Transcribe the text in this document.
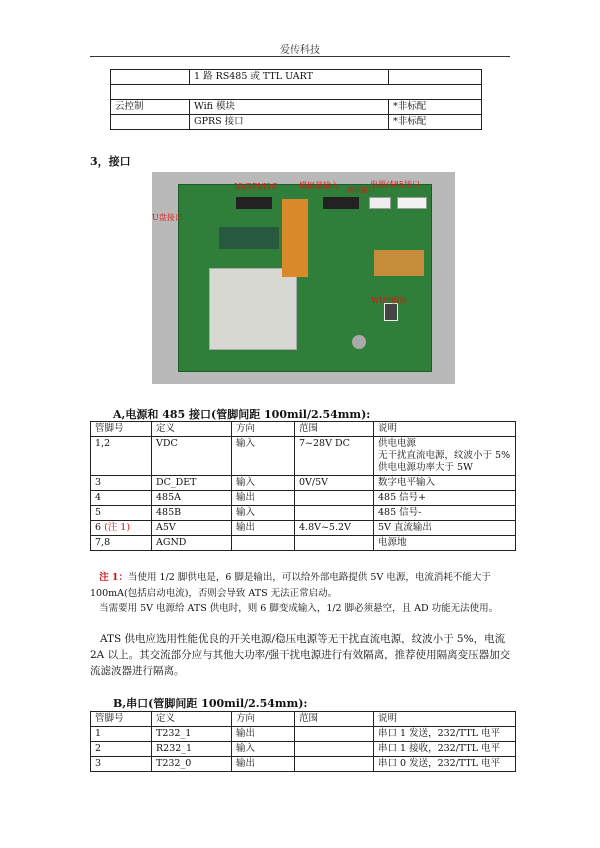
爱传科技
	1 路 RS485 或 TTL UART	

云控制	Wifi 模块	*非标配
	GPRS 接口	*非标配
3，接口
IO/SPI/I2C	模拟量输入 通讯接口
电源/485接口
U盘接口
WIFI模块
A,电源和 485 接口(管脚间距 100mil/2.54mm):
管脚号	定义	方向	范围	说明
1,2	VDC	输入	7~28V DC	供电电源
无干扰直流电源，纹波小于 5%
供电电源功率大于 5W
3	DC_DET	输入	0V/5V	数字电平输入
4	485A	输出		485 信号+
5	485B	输入		485 信号-
6 (注 1)	A5V	输出	4.8V~5.2V	5V 直流输出
7,8	AGND			电源地
注 1：当使用 1/2 脚供电是，6 脚是输出，可以给外部电路提供 5V 电源，电流消耗不能大于 100mA(包括启动电流)，否则会导致 ATS 无法正常启动。
当需要用 5V 电源给 ATS 供电时，则 6 脚变成输入，1/2 脚必须悬空，且 AD 功能无法使用。
ATS 供电应选用性能优良的开关电源/稳压电源等无干扰直流电源，纹波小于 5%，电流 2A 以上。其交流部分应与其他大功率/强干扰电源进行有效隔离，推荐使用隔离变压器加交流滤波器进行隔离。
B,串口(管脚间距 100mil/2.54mm):
管脚号	定义	方向	范围	说明
1	T232_1	输出		串口 1 发送，232/TTL 电平
2	R232_1	输入		串口 1 接收，232/TTL 电平
3	T232_0	输出		串口 0 发送，232/TTL 电平
